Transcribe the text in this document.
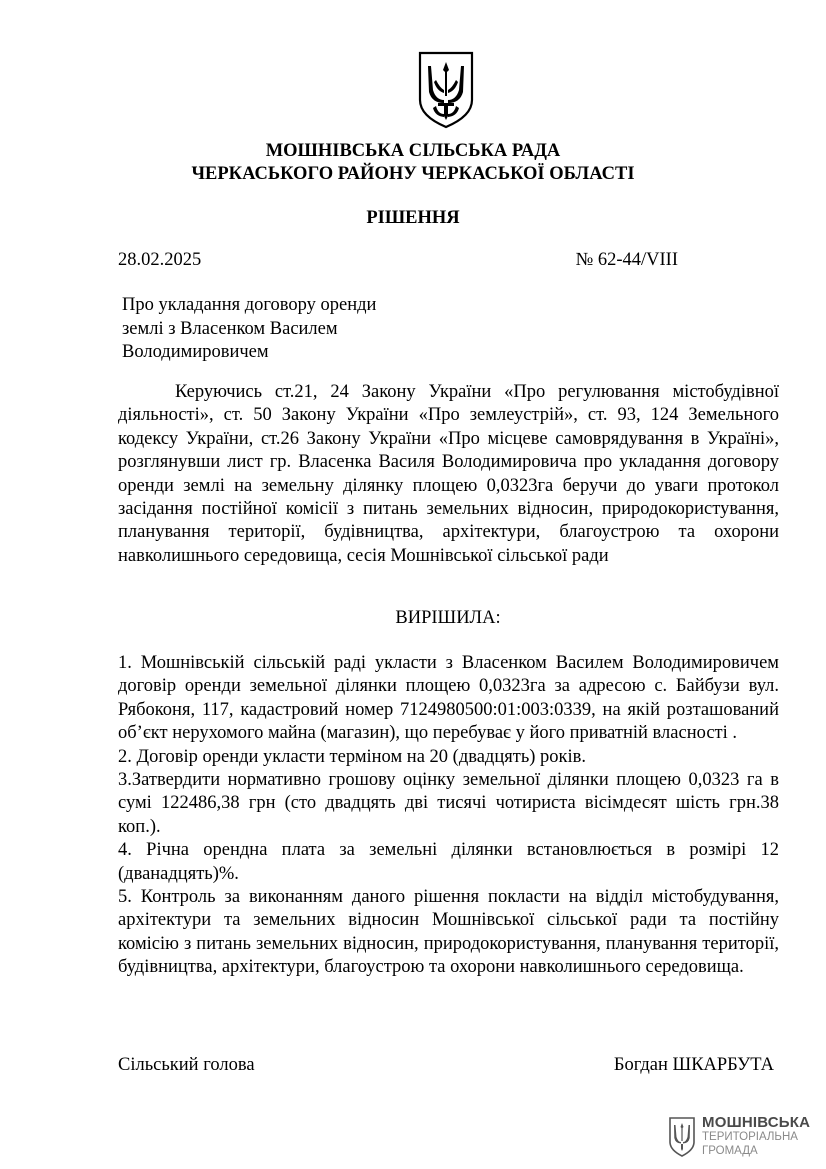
МОШНІВСЬКА СІЛЬСЬКА РАДА
ЧЕРКАСЬКОГО РАЙОНУ ЧЕРКАСЬКОЇ ОБЛАСТІ
РІШЕННЯ
28.02.2025	№ 62-44/VIII
Про укладання договору оренди
землі з Власенком Василем
Володимировичем
Керуючись ст.21, 24 Закону України «Про регулювання містобудівної діяльності», ст. 50 Закону України «Про землеустрій», ст. 93, 124 Земельного кодексу України, ст.26 Закону України «Про місцеве самоврядування в Україні», розглянувши лист гр. Власенка Василя Володимировича про укладання договору оренди землі на земельну ділянку площею 0,0323га беручи до уваги протокол засідання постійної комісії з питань земельних відносин, природокористування, планування території, будівництва, архітектури, благоустрою та охорони навколишнього середовища, сесія Мошнівської сільської ради
ВИРІШИЛА:

1. Мошнівській сільській раді укласти з Власенком Василем Володимировичем договір оренди земельної ділянки площею 0,0323га за адресою с. Байбузи вул. Рябоконя, 117, кадастровий номер 7124980500:01:003:0339, на якій розташований об’єкт нерухомого майна (магазин), що перебуває у його приватній власності .

2. Договір оренди укласти терміном на 20 (двадцять) років.

3.Затвердити нормативно грошову оцінку земельної ділянки площею 0,0323 га в сумі 122486,38 грн (сто двадцять дві тисячі чотириста вісімдесят шість грн.38 коп.).

4. Річна орендна плата за земельні ділянки встановлюється в розмірі 12 (дванадцять)%.

5. Контроль за виконанням даного рішення покласти на відділ містобудування, архітектури та земельних відносин Мошнівської сільської ради та постійну комісію з питань земельних відносин, природокористування, планування території, будівництва, архітектури, благоустрою та охорони навколишнього середовища.

Сільський голова	Богдан ШКАРБУТА
МОШНІВСЬКА
ТЕРИТОРІАЛЬНА
ГРОМАДА
